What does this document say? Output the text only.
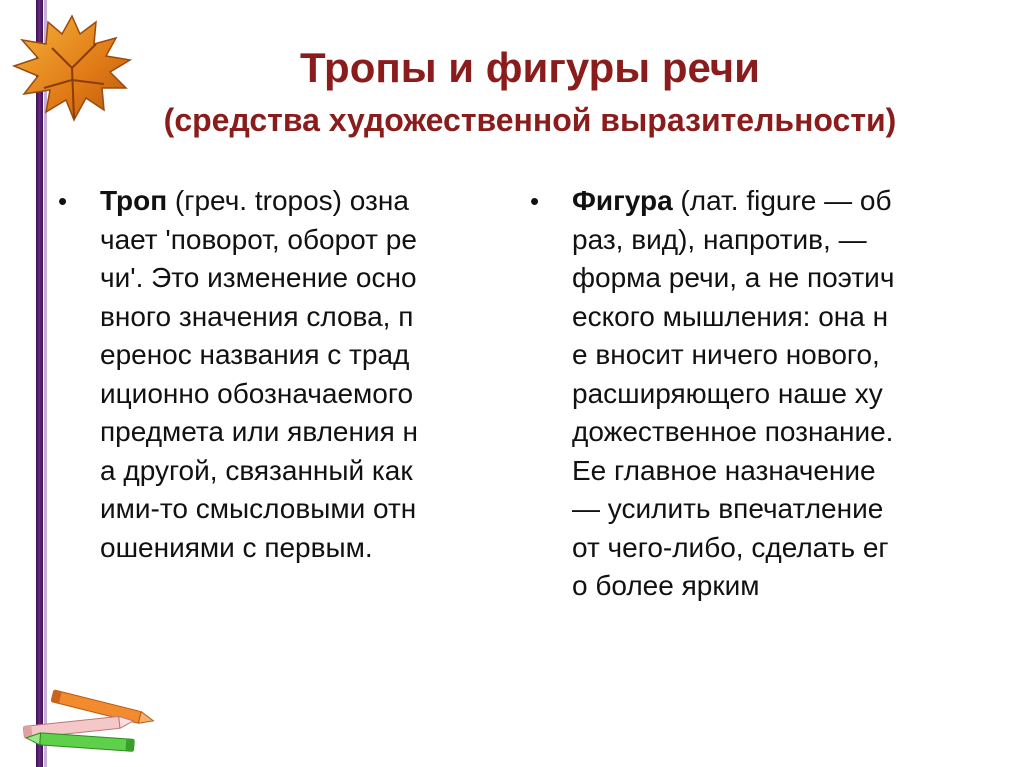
Тропы и фигуры речи
(средства художественной выразительности)
•	Троп (греч. tropos) озна
чает 'поворот, оборот ре
чи'. Это изменение осно
вного значения слова, п
еренос названия с трад
иционно обозначаемого
предмета или явления н
а другой, связанный как
ими-то смысловыми отн
ошениями с первым.
•	Фигура (лат. figure — об
раз, вид), напротив, —
форма речи, а не поэтич
еского мышления: она н
е вносит ничего нового,
расширяющего наше ху
дожественное познание.
Ее главное назначение
— усилить впечатление
от чего-либо, сделать ег
о более ярким
